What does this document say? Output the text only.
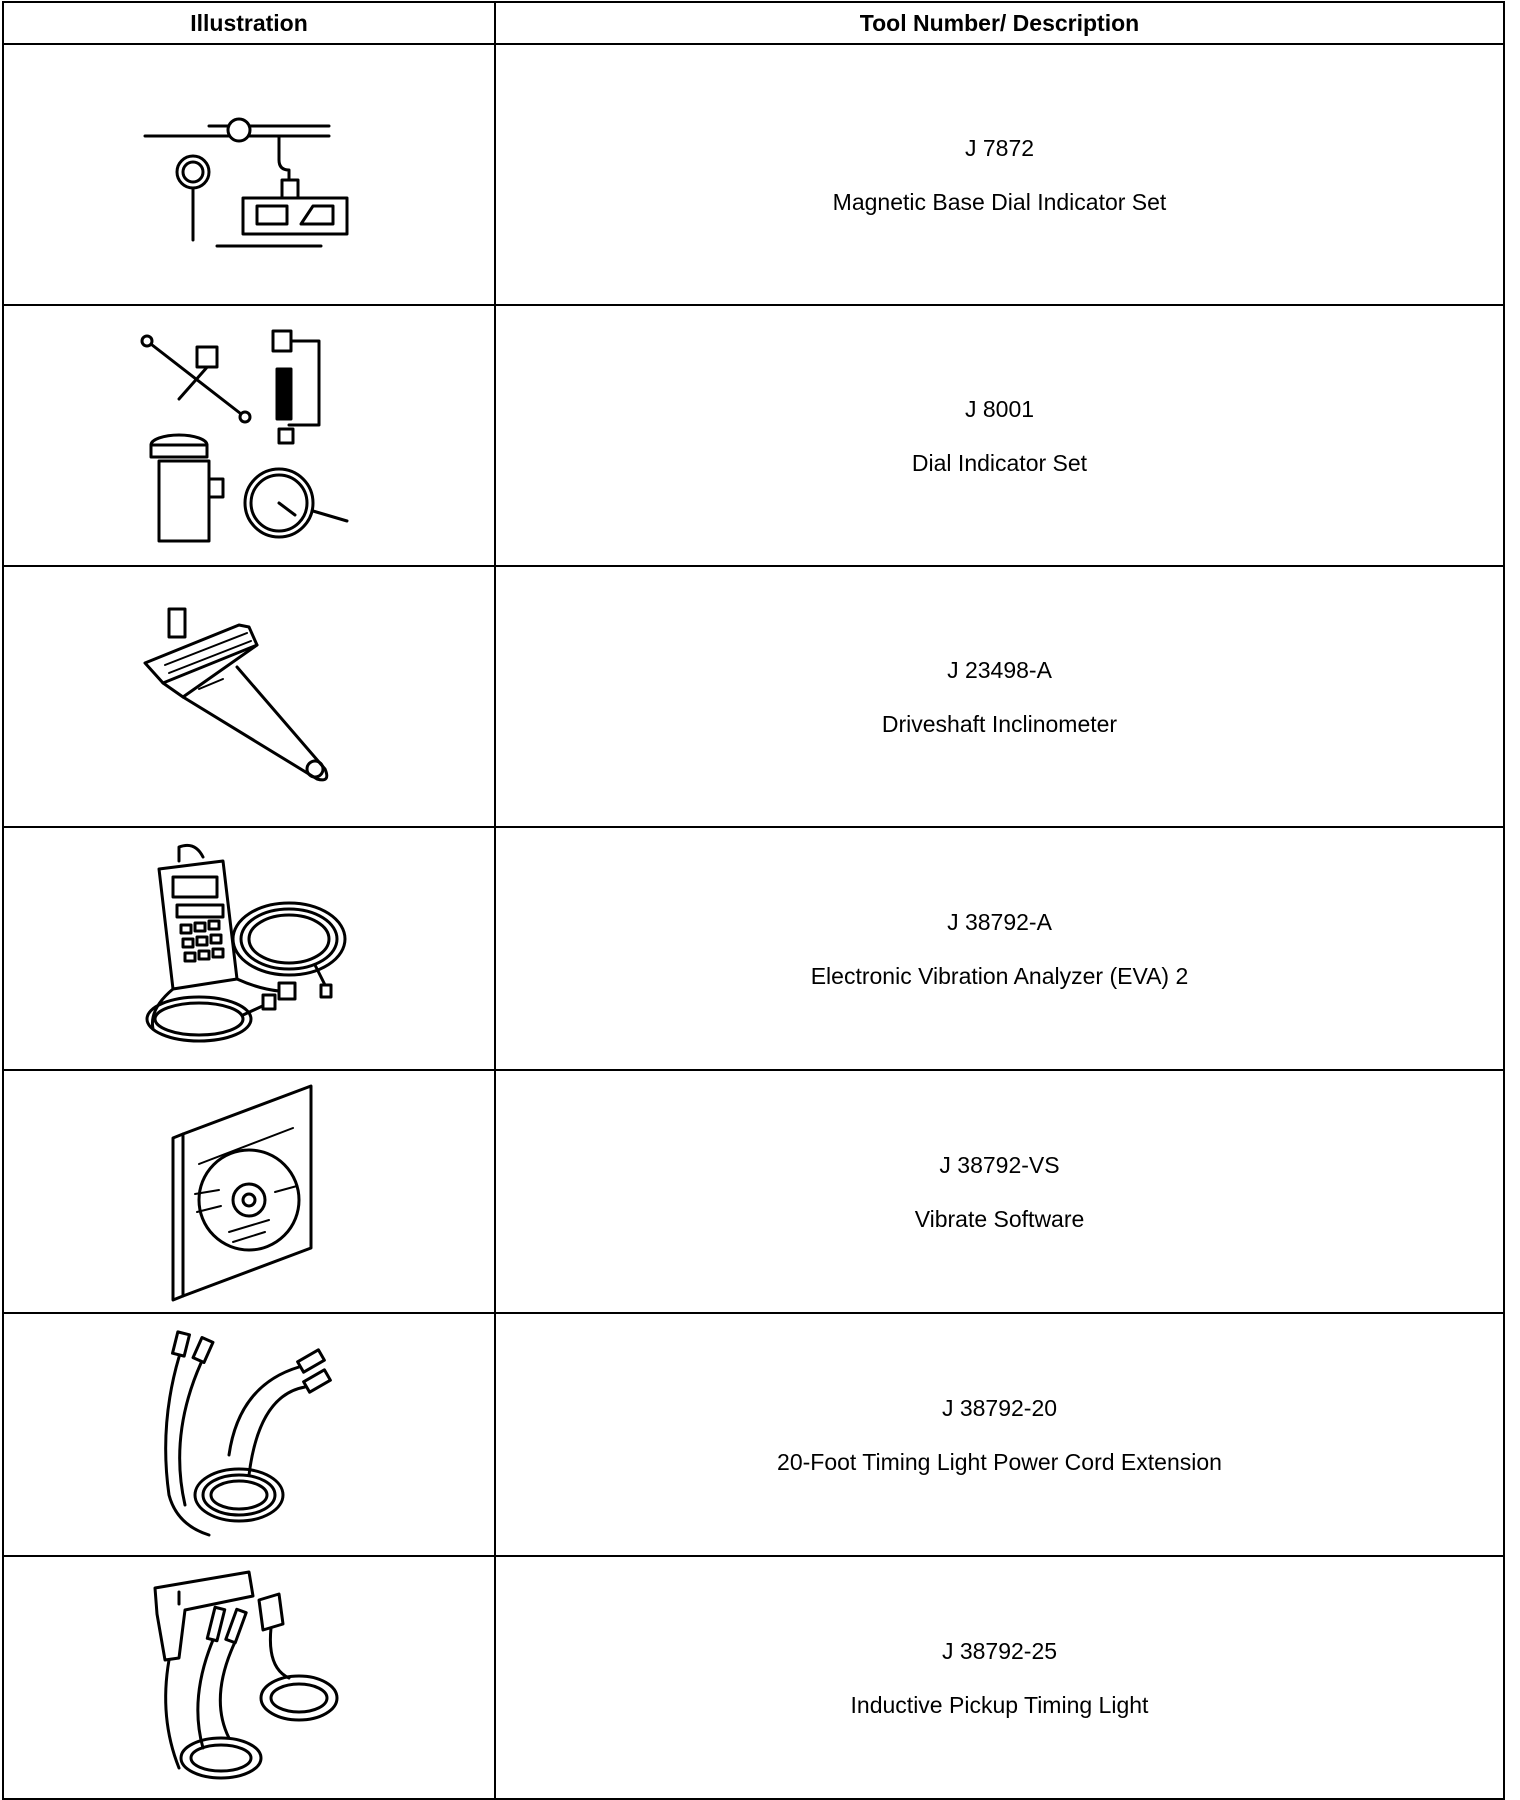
Illustration	Tool Number/ Description

J 7872
Magnetic Base Dial Indicator Set

J 8001
Dial Indicator Set

J 23498-A
Driveshaft Inclinometer

J 38792-A
Electronic Vibration Analyzer (EVA) 2

J 38792-VS
Vibrate Software

J 38792-20
20-Foot Timing Light Power Cord Extension

J 38792-25
Inductive Pickup Timing Light
